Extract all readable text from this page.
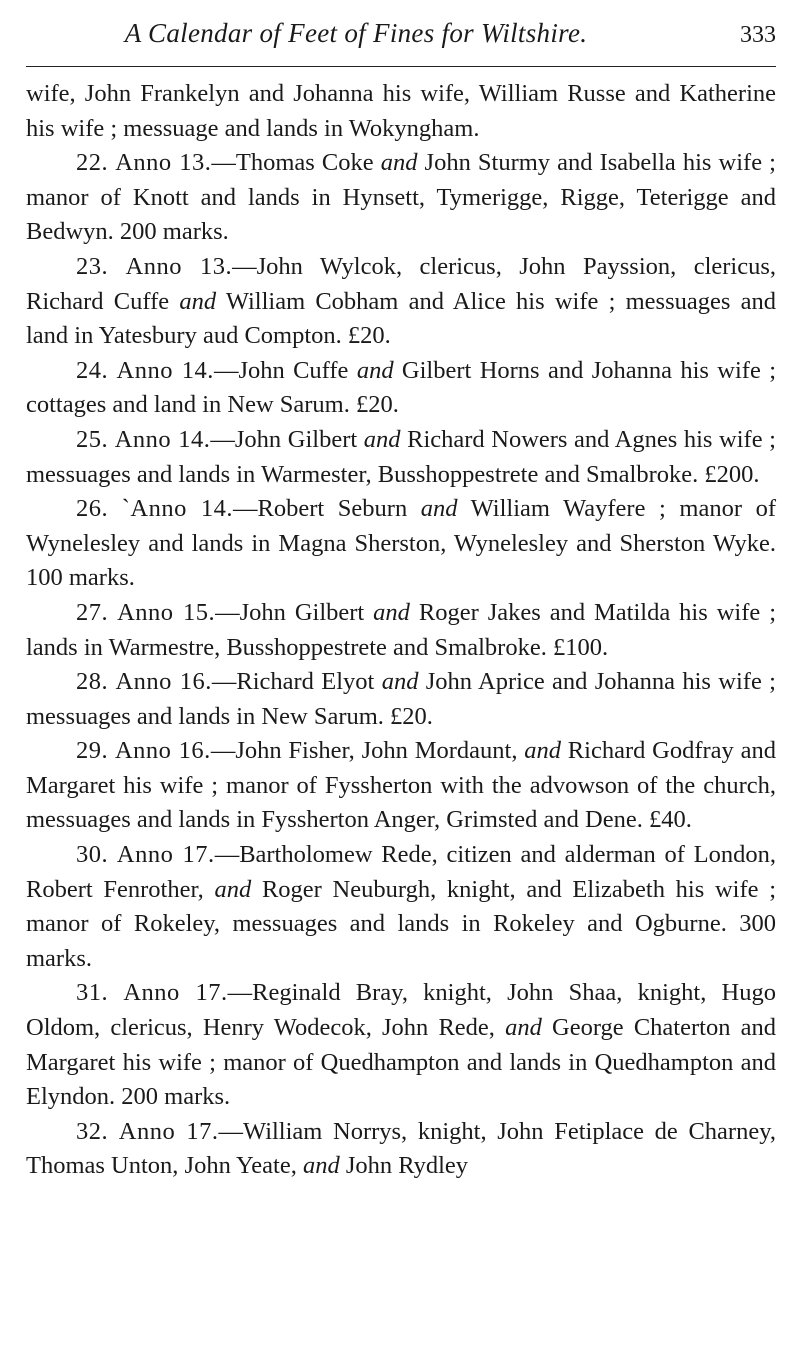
A Calendar of Feet of Fines for Wiltshire.	333

wife, John Frankelyn and Johanna his wife, William Russe and Katherine his wife ; messuage and lands in Wokyngham.

22. Anno 13.—Thomas Coke and John Sturmy and Isabella his wife ; manor of Knott and lands in Hynsett, Tymerigge, Rigge, Teterigge and Bedwyn. 200 marks.

23. Anno 13.—John Wylcok, clericus, John Payssion, clericus, Richard Cuffe and William Cobham and Alice his wife ; messuages and land in Yatesbury aud Compton. £20.

24. Anno 14.—John Cuffe and Gilbert Horns and Johanna his wife ; cottages and land in New Sarum. £20.

25. Anno 14.—John Gilbert and Richard Nowers and Agnes his wife ; messuages and lands in Warmester, Busshoppestrete and Smalbroke. £200.

26. `Anno 14.—Robert Seburn and William Wayfere ; manor of Wynelesley and lands in Magna Sherston, Wynelesley and Sherston Wyke. 100 marks.

27. Anno 15.—John Gilbert and Roger Jakes and Matilda his wife ; lands in Warmestre, Busshoppestrete and Smalbroke. £100.

28. Anno 16.—Richard Elyot and John Aprice and Johanna his wife ; messuages and lands in New Sarum. £20.

29. Anno 16.—John Fisher, John Mordaunt, and Richard Godfray and Margaret his wife ; manor of Fyssherton with the advowson of the church, messuages and lands in Fyssherton Anger, Grimsted and Dene. £40.

30. Anno 17.—Bartholomew Rede, citizen and alderman of London, Robert Fenrother, and Roger Neuburgh, knight, and Elizabeth his wife ; manor of Rokeley, messuages and lands in Rokeley and Ogburne. 300 marks.

31. Anno 17.—Reginald Bray, knight, John Shaa, knight, Hugo Oldom, clericus, Henry Wodecok, John Rede, and George Chaterton and Margaret his wife ; manor of Quedhampton and lands in Quedhampton and Elyndon. 200 marks.

32. Anno 17.—William Norrys, knight, John Fetiplace de Charney, Thomas Unton, John Yeate, and John Rydley
